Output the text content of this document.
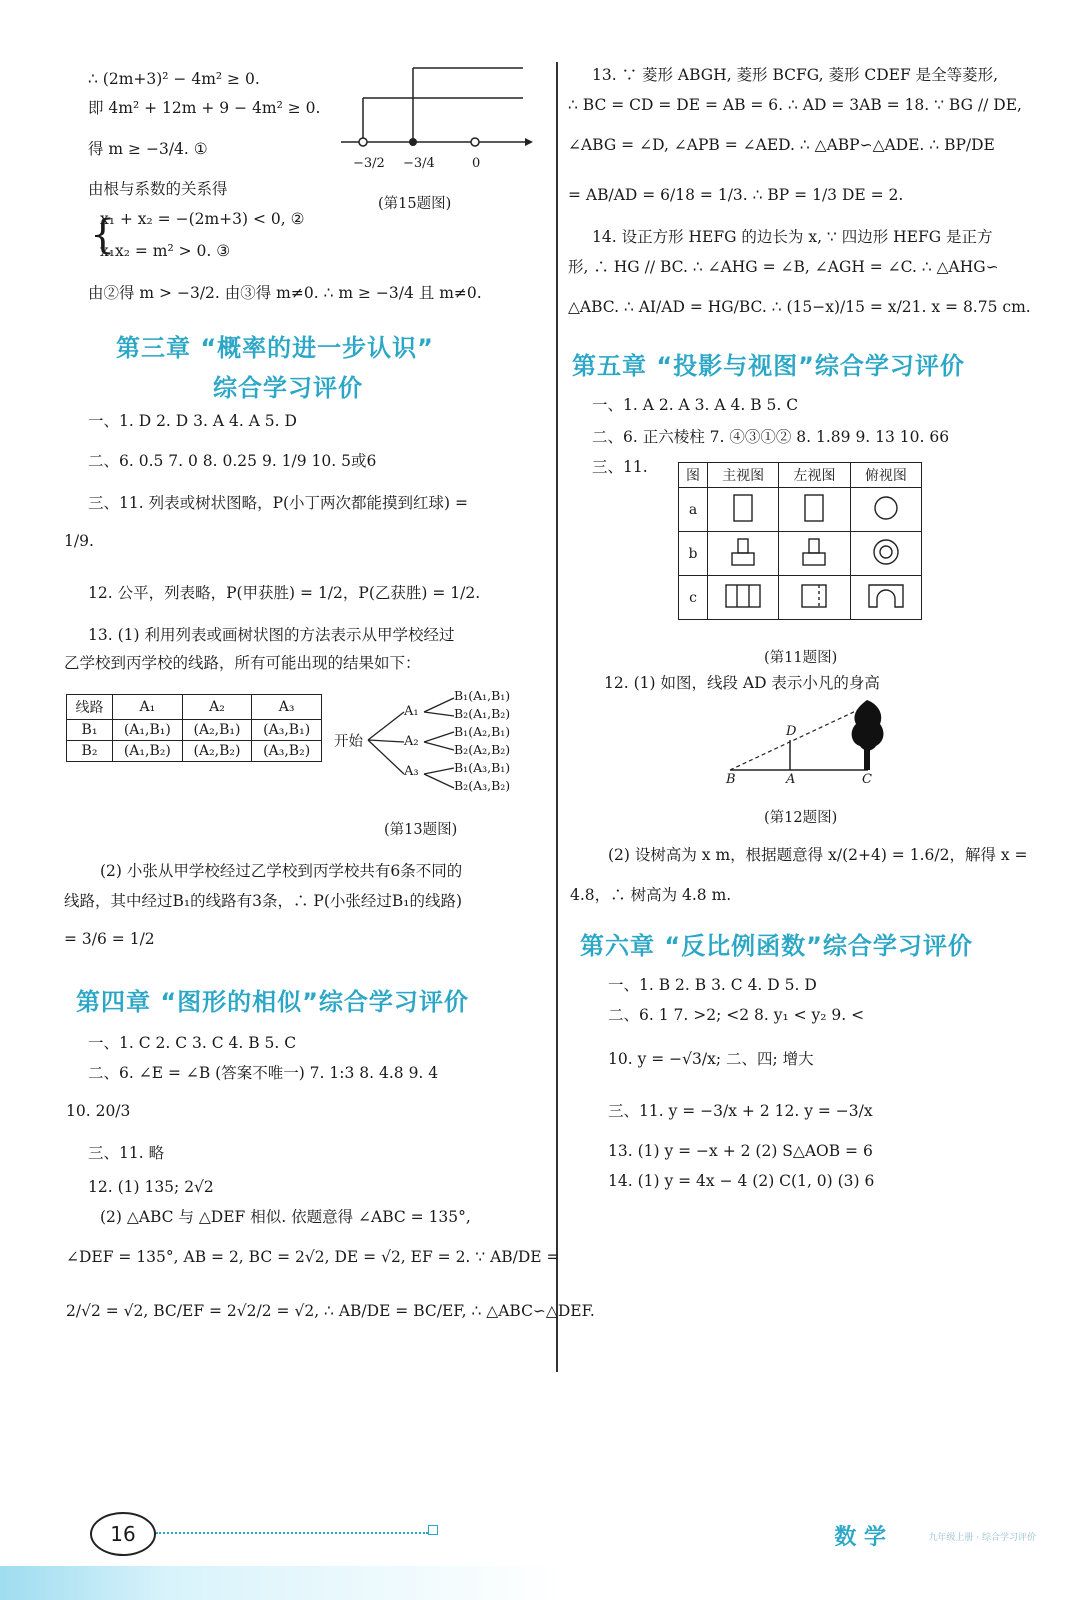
∴ (2m+3)² − 4m² ≥ 0.
即 4m² + 12m + 9 − 4m² ≥ 0.
得 m ≥ −3/4. ①
由根与系数的关系得
x₁ + x₂ = −(2m+3) < 0, ②
x₁x₂ = m² > 0. ③
{
由②得 m > −3/2. 由③得 m≠0. ∴ m ≥ −3/4 且 m≠0.
−3/2 −3/4	0
(第15题图)
第三章 “概率的进一步认识”
综合学习评价
一、1. D 2. D 3. A 4. A 5. D
二、6. 0.5 7. 0 8. 0.25 9. 1/9 10. 5或6
三、11. 列表或树状图略，P(小丁两次都能摸到红球) =
1/9.
12. 公平，列表略，P(甲获胜) = 1/2，P(乙获胜) = 1/2.
13. (1) 利用列表或画树状图的方法表示从甲学校经过
乙学校到丙学校的线路，所有可能出现的结果如下：
线路	A₁	A₂	A₃
B₁	(A₁,B₁)	(A₂,B₁)	(A₃,B₁)
B₂	(A₁,B₂)	(A₂,B₂)	(A₃,B₂)
开始
A₁
A₂
A₃
B₁(A₁,B₁)
B₂(A₁,B₂)
B₁(A₂,B₁)
B₂(A₂,B₂)
B₁(A₃,B₁)
B₂(A₃,B₂)
(第13题图)
(2) 小张从甲学校经过乙学校到丙学校共有6条不同的
线路，其中经过B₁的线路有3条，∴ P(小张经过B₁的线路)
= 3/6 = 1/2
第四章 “图形的相似”综合学习评价
一、1. C 2. C 3. C 4. B 5. C
二、6. ∠E = ∠B (答案不唯一) 7. 1:3 8. 4.8 9. 4
10. 20/3
三、11. 略
12. (1) 135; 2√2
(2) △ABC 与 △DEF 相似. 依题意得 ∠ABC = 135°,
∠DEF = 135°, AB = 2, BC = 2√2, DE = √2, EF = 2. ∵ AB/DE =
2/√2 = √2, BC/EF = 2√2/2 = √2, ∴ AB/DE = BC/EF, ∴ △ABC∽△DEF.
13. ∵ 菱形 ABGH, 菱形 BCFG, 菱形 CDEF 是全等菱形,
∴ BC = CD = DE = AB = 6. ∴ AD = 3AB = 18. ∵ BG // DE,
∠ABG = ∠D, ∠APB = ∠AED. ∴ △ABP∽△ADE. ∴ BP/DE
= AB/AD = 6/18 = 1/3. ∴ BP = 1/3 DE = 2.
14. 设正方形 HEFG 的边长为 x, ∵ 四边形 HEFG 是正方
形, ∴ HG // BC. ∴ ∠AHG = ∠B, ∠AGH = ∠C. ∴ △AHG∽
△ABC. ∴ AI/AD = HG/BC. ∴ (15−x)/15 = x/21. x = 8.75 cm.
第五章 “投影与视图”综合学习评价
一、1. A 2. A 3. A 4. B 5. C
二、6. 正六棱柱 7. ④③①② 8. 1.89 9. 13 10. 66
三、11.	图	主视图	左视图	俯视图
a			
b			
c			
(第11题图)
12. (1) 如图，线段 AD 表示小凡的身高
D
B	A	C
(第12题图)
(2) 设树高为 x m，根据题意得 x/(2+4) = 1.6/2，解得 x =
4.8，∴ 树高为 4.8 m.
第六章 “反比例函数”综合学习评价
一、1. B 2. B 3. C 4. D 5. D
二、6. 1 7. >2; <2 8. y₁ < y₂ 9. <
10. y = −√3/x; 二、四; 增大
三、11. y = −3/x + 2 12. y = −3/x
13. (1) y = −x + 2 (2) S△AOB = 6
14. (1) y = 4x − 4 (2) C(1, 0) (3) 6
16	数 学	九年级上册 · 综合学习评价
